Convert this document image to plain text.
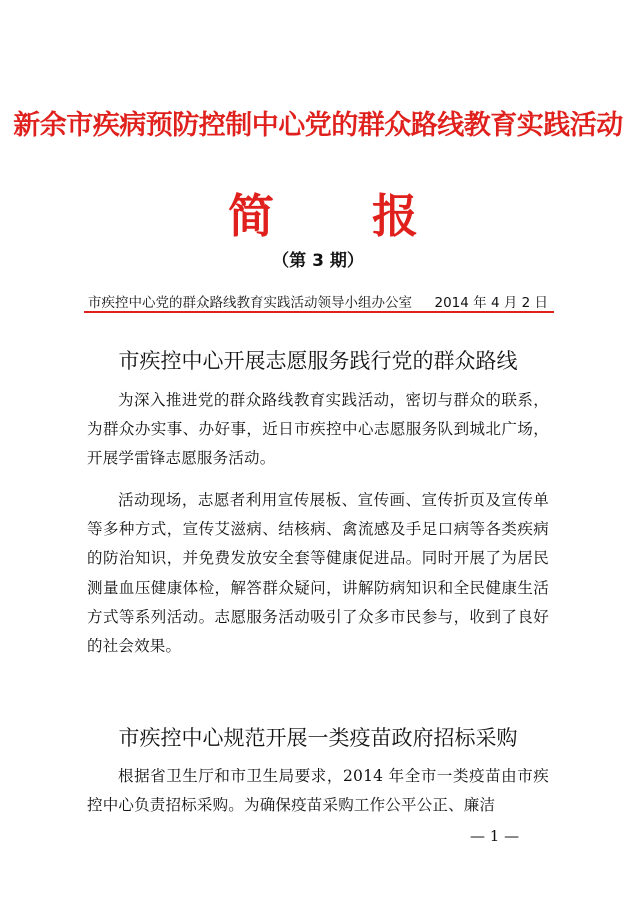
新余市疾病预防控制中心党的群众路线教育实践活动
简 报
（第 3 期）
市疾控中心党的群众路线教育实践活动领导小组办公室 2014 年 4 月 2 日
市疾控中心开展志愿服务践行党的群众路线

为深入推进党的群众路线教育实践活动，密切与群众的联系，为群众办实事、办好事，近日市疾控中心志愿服务队到城北广场，开展学雷锋志愿服务活动。

活动现场，志愿者利用宣传展板、宣传画、宣传折页及宣传单等多种方式，宣传艾滋病、结核病、禽流感及手足口病等各类疾病的防治知识，并免费发放安全套等健康促进品。同时开展了为居民测量血压健康体检，解答群众疑问，讲解防病知识和全民健康生活方式等系列活动。志愿服务活动吸引了众多市民参与，收到了良好的社会效果。

市疾控中心规范开展一类疫苗政府招标采购

根据省卫生厅和市卫生局要求，2014 年全市一类疫苗由市疾控中心负责招标采购。为确保疫苗采购工作公平公正、廉洁

— 1 —
